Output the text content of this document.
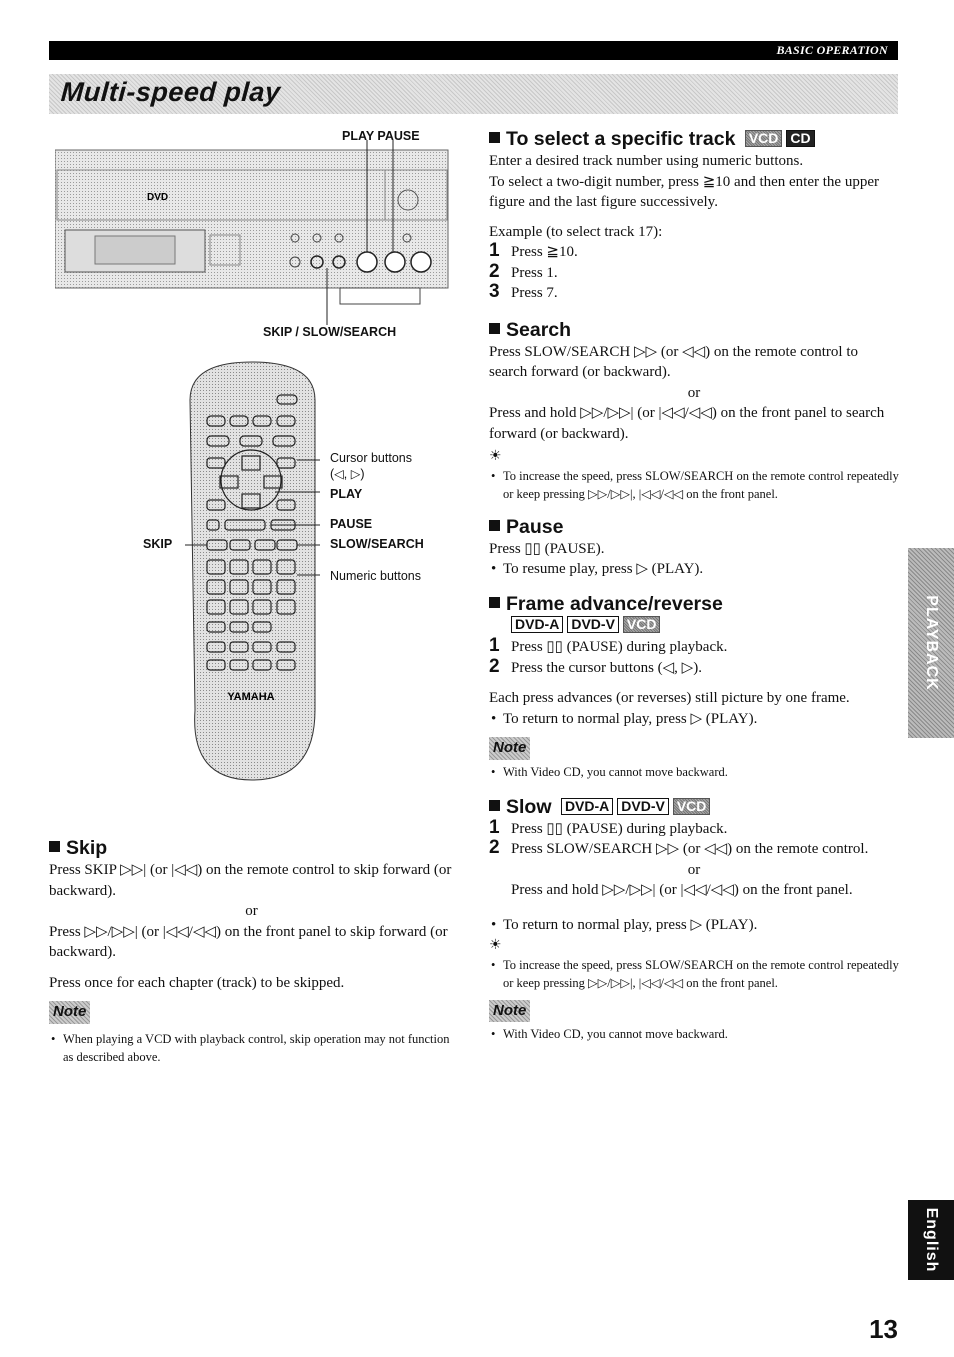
BASIC OPERATION
Multi-speed play
PLAY PAUSE
DVD
SKIP / SLOW/SEARCH
YAMAHA
Cursor buttons
(◁, ▷)
PLAY
PAUSE
SLOW/SEARCH
Numeric buttons
SKIP
Skip
Press SKIP ▷▷| (or |◁◁) on the remote control to skip forward (or backward).
or
Press ▷▷/▷▷| (or |◁◁/◁◁) on the front panel to skip forward (or backward).
Press once for each chapter (track) to be skipped.
Note
• When playing a VCD with playback control, skip operation may not function as described above.
To select a specific track VCD CD
Enter a desired track number using numeric buttons.
To select a two-digit number, press ≧10 and then enter the upper figure and the last figure successively.
Example (to select track 17):
1 Press ≧10.
2 Press 1.
3 Press 7.
Search
Press SLOW/SEARCH ▷▷ (or ◁◁) on the remote control to search forward (or backward).
or
Press and hold ▷▷/▷▷| (or |◁◁/◁◁) on the front panel to search forward (or backward).
☀
• To increase the speed, press SLOW/SEARCH on the remote control repeatedly or keep pressing ▷▷/▷▷|, |◁◁/◁◁ on the front panel.
Pause
Press ▯▯ (PAUSE).
• To resume play, press ▷ (PLAY).
Frame advance/reverse
DVD-A DVD-V VCD
1 Press ▯▯ (PAUSE) during playback.
2 Press the cursor buttons (◁, ▷).
Each press advances (or reverses) still picture by one frame.
• To return to normal play, press ▷ (PLAY).
Note
• With Video CD, you cannot move backward.
Slow DVD-A DVD-V VCD
1 Press ▯▯ (PAUSE) during playback.
2 Press SLOW/SEARCH ▷▷ (or ◁◁) on the remote control.
or
Press and hold ▷▷/▷▷| (or |◁◁/◁◁) on the front panel.
• To return to normal play, press ▷ (PLAY).
☀
• To increase the speed, press SLOW/SEARCH on the remote control repeatedly or keep pressing ▷▷/▷▷|, |◁◁/◁◁ on the front panel.
Note
• With Video CD, you cannot move backward.
PLAYBACK
English
13
